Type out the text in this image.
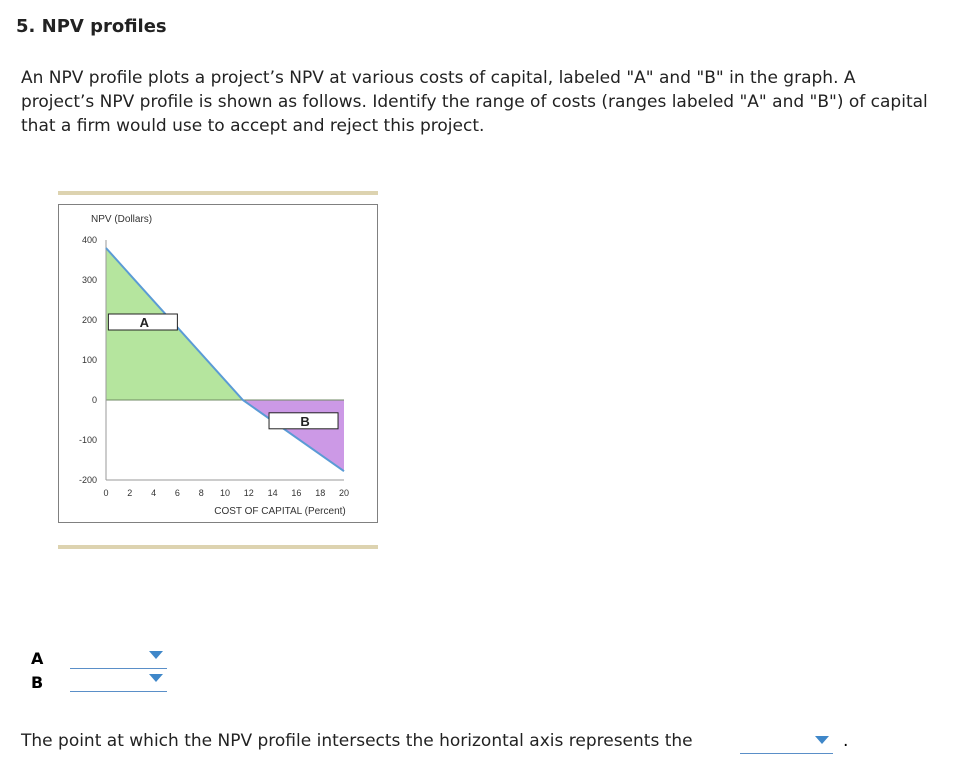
5. NPV profiles
An NPV profile plots a project’s NPV at various costs of capital, labeled "A" and "B" in the graph. A project’s NPV profile is shown as follows. Identify the range of costs (ranges labeled "A" and "B") of capital that a firm would use to accept and reject this project.
400
300
200
100
0
-100
-200
0 2 4 6 8 10 12 14 16 18 20
NPV (Dollars)
COST OF CAPITAL (Percent)
A
B
A
B
The point at which the NPV profile intersects the horizontal axis represents the	.
